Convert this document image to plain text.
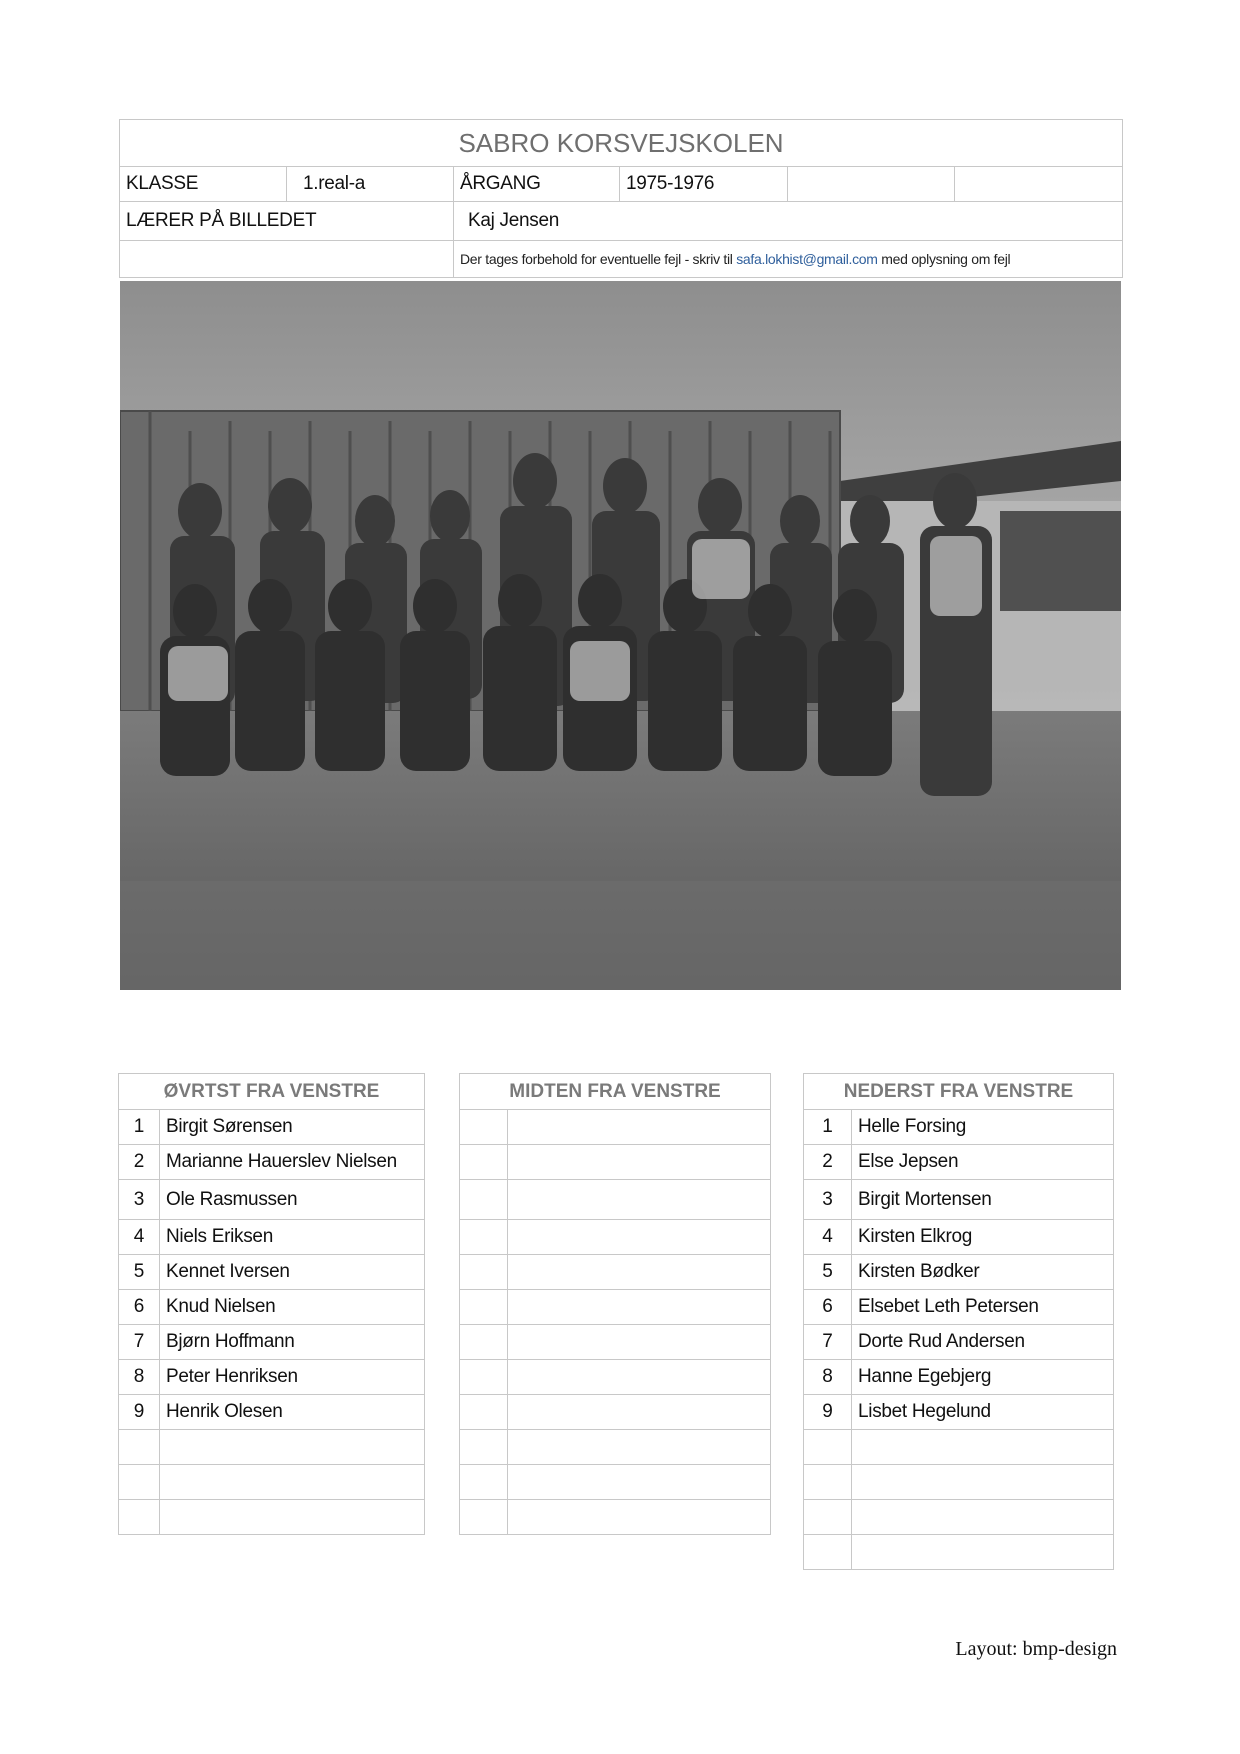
SABRO KORSVEJSKOLEN					
KLASSE	1.real-a	ÅRGANG	1975-1976		
LÆRER PÅ BILLEDET		Kaj Jensen			
		Der tages forbehold for eventuelle fejl - skriv til safa.lokhist@gmail.com med oplysning om fejl			
ØVRTST FRA VENSTRE	
1	Birgit Sørensen
2	Marianne Hauerslev Nielsen
3	Ole Rasmussen
4	Niels Eriksen
5	Kennet Iversen
6	Knud Nielsen
7	Bjørn Hoffmann
8	Peter Henriksen
9	Henrik Olesen

MIDTEN FRA VENSTRE	

		NEDERST FRA VENSTRE	
1	Helle Forsing
2	Else Jepsen
3	Birgit Mortensen
4	Kirsten Elkrog
5	Kirsten Bødker
6	Elsebet Leth Petersen
7	Dorte Rud Andersen
8	Hanne Egebjerg
9	Lisbet Hegelund

Layout: bmp-design
